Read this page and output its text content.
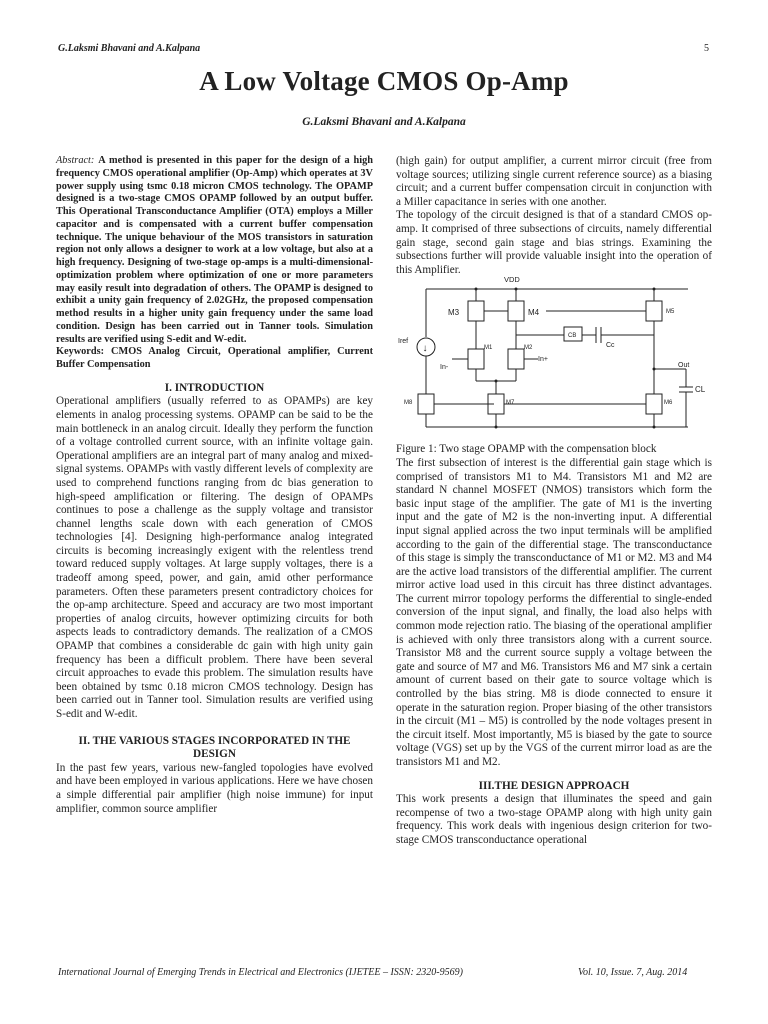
G.Laksmi Bhavani and A.Kalpana	5
A Low Voltage CMOS Op-Amp
G.Laksmi Bhavani and A.Kalpana

Abstract: A method is presented in this paper for the design of a high frequency CMOS operational amplifier (Op-Amp) which operates at 3V power supply using tsmc 0.18 micron CMOS technology. The OPAMP designed is a two-stage CMOS OPAMP followed by an output buffer. This Operational Transconductance Amplifier (OTA) employs a Miller capacitor and is compensated with a current buffer compensation technique. The unique behaviour of the MOS transistors in saturation region not only allows a designer to work at a low voltage, but also at a high frequency. Designing of two-stage op-amps is a multi-dimensional-optimization problem where optimization of one or more parameters may easily result into degradation of others. The OPAMP is designed to exhibit a unity gain frequency of 2.02GHz, the proposed compensation method results in a higher unity gain frequency under the same load condition. Design has been carried out in Tanner tools. Simulation results are verified using S-edit and W-edit.

Keywords: CMOS Analog Circuit, Operational amplifier, Current Buffer Compensation

I. INTRODUCTION

Operational amplifiers (usually referred to as OPAMPs) are key elements in analog processing systems. OPAMP can be said to be the main bottleneck in an analog circuit. Ideally they perform the function of a voltage controlled current source, with an infinite voltage gain. Operational amplifiers are an integral part of many analog and mixed-signal systems. OPAMPs with vastly different levels of complexity are used to comprehend functions ranging from dc bias generation to high-speed amplification or filtering. The design of OPAMPs continues to pose a challenge as the supply voltage and transistor channel lengths scale down with each generation of CMOS technologies [4]. Designing high-performance analog integrated circuits is becoming increasingly exigent with the relentless trend toward reduced supply voltages. At large supply voltages, there is a tradeoff among speed, power, and gain, amid other performance parameters. Often these parameters present contradictory choices for the op-amp architecture. Speed and accuracy are two most important properties of analog circuits, however optimizing circuits for both aspects leads to contradictory demands. The realization of a CMOS OPAMP that combines a considerable dc gain with high unity gain frequency has been a difficult problem. There have been several circuit approaches to evade this problem. The simulation results have been obtained by tsmc 0.18 micron CMOS technology. Design has been carried out in Tanner tool. Simulation results are verified using S-edit and W-edit.

II. THE VARIOUS STAGES INCORPORATED IN THE DESIGN

In the past few years, various new-fangled topologies have evolved and have been employed in various applications. Here we have chosen a simple differential pair amplifier (high noise immune) for input amplifier, common source amplifier

(high gain) for output amplifier, a current mirror circuit (free from voltage sources; utilizing single current reference source) as a biasing circuit; and a current buffer compensation circuit in conjunction with a Miller capacitance in series with one another.

The topology of the circuit designed is that of a standard CMOS op-amp. It comprised of three subsections of circuits, namely differential gain stage, second gain stage and bias strings. Examining the subsections further will provide valuable insight into the operation of this Amplifier.

↓
VDD
M3	M4	M5
M1	M2
M7
M8	M6
CB
Cc
Iref
In-
In+
Out
CL

Figure 1: Two stage OPAMP with the compensation block

The first subsection of interest is the differential gain stage which is comprised of transistors M1 to M4. Transistors M1 and M2 are standard N channel MOSFET (NMOS) transistors which form the basic input stage of the amplifier. The gate of M1 is the inverting input and the gate of M2 is the non-inverting input. A differential input signal applied across the two input terminals will be amplified according to the gain of the differential stage. The transconductance of this stage is simply the transconductance of M1 or M2. M3 and M4 are the active load transistors of the differential amplifier. The current mirror active load used in this circuit has three distinct advantages. The current mirror topology performs the differential to single-ended conversion of the input signal, and finally, the load also helps with common mode rejection ratio. The biasing of the operational amplifier is achieved with only three transistors along with a current source. Transistor M8 and the current source supply a voltage between the gate and source of M7 and M6. Transistors M6 and M7 sink a certain amount of current based on their gate to source voltage which is controlled by the bias string. M8 is diode connected to ensure it operate in the saturation region. Proper biasing of the other transistors in the circuit (M1 – M5) is controlled by the node voltages present in the circuit itself. Most importantly, M5 is biased by the gate to source voltage (VGS) set up by the VGS of the current mirror load as are the transistors M1 and M2.

III.THE DESIGN APPROACH

This work presents a design that illuminates the speed and gain recompense of two a two-stage OPAMP along with high unity gain frequency. This work deals with ingenious design criterion for two-stage CMOS transconductance operational

International Journal of Emerging Trends in Electrical and Electronics (IJETEE – ISSN: 2320-9569)	Vol. 10, Issue. 7, Aug. 2014
